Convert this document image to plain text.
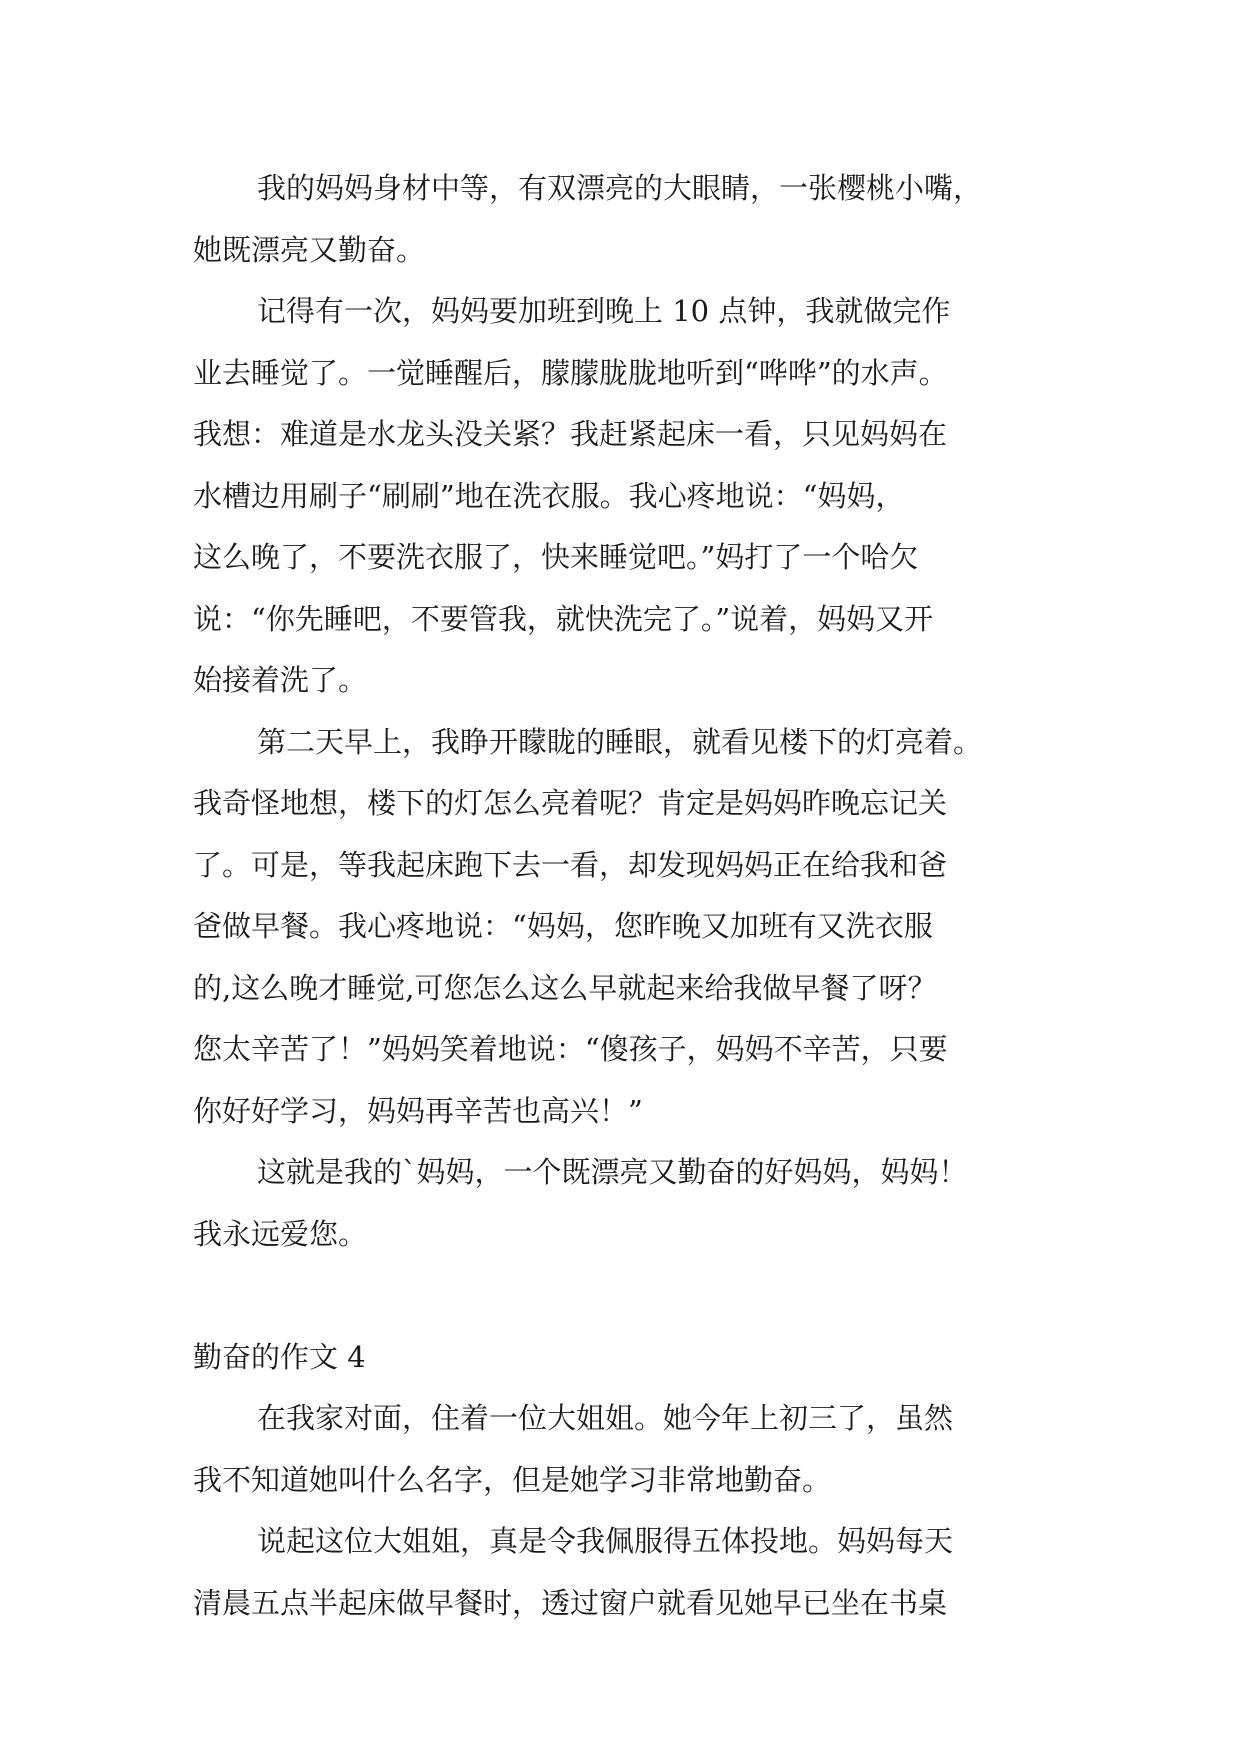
我的妈妈身材中等，有双漂亮的大眼睛，一张樱桃小嘴，
她既漂亮又勤奋。
记得有一次，妈妈要加班到晚上 10 点钟，我就做完作
业去睡觉了。一觉睡醒后，朦朦胧胧地听到“哗哗”的水声。
我想：难道是水龙头没关紧？我赶紧起床一看，只见妈妈在
水槽边用刷子“刷刷”地在洗衣服。我心疼地说：“妈妈，
这么晚了，不要洗衣服了，快来睡觉吧。”妈打了一个哈欠
说：“你先睡吧，不要管我，就快洗完了。”说着，妈妈又开
始接着洗了。
第二天早上，我睁开矇眬的睡眼，就看见楼下的灯亮着。
我奇怪地想，楼下的灯怎么亮着呢？肯定是妈妈昨晚忘记关
了。可是，等我起床跑下去一看，却发现妈妈正在给我和爸
爸做早餐。我心疼地说：“妈妈，您昨晚又加班有又洗衣服
的,这么晚才睡觉,可您怎么这么早就起来给我做早餐了呀？
您太辛苦了！”妈妈笑着地说：“傻孩子，妈妈不辛苦，只要
你好好学习，妈妈再辛苦也高兴！”
这就是我的`妈妈，一个既漂亮又勤奋的好妈妈，妈妈！
我永远爱您。
勤奋的作文 4
在我家对面，住着一位大姐姐。她今年上初三了，虽然
我不知道她叫什么名字，但是她学习非常地勤奋。
说起这位大姐姐，真是令我佩服得五体投地。妈妈每天
清晨五点半起床做早餐时，透过窗户就看见她早已坐在书桌
